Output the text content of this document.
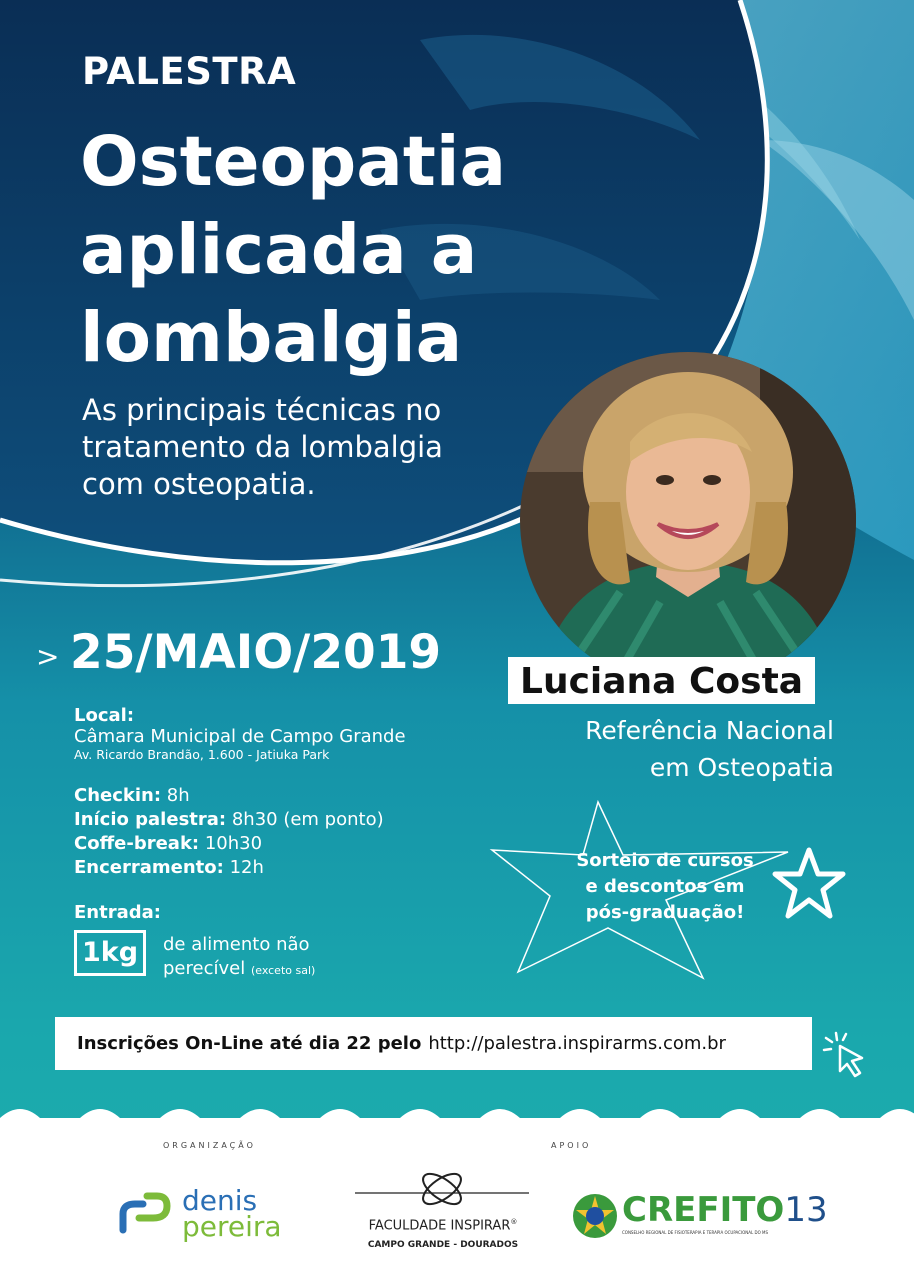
PALESTRA
Osteopatia
aplicada a
lombalgia
As principais técnicas no
tratamento da lombalgia
com osteopatia.
Luciana Costa
Referência Nacional
em Osteopatia
> 25/MAIO/2019
Local:
Câmara Municipal de Campo Grande
Av. Ricardo Brandão, 1.600 - Jatiuka Park
Checkin: 8h
Início palestra: 8h30 (em ponto)
Coffe-break: 10h30
Encerramento: 12h
Entrada:
1kg	de alimento não
perecível (exceto sal)
Sorteio de cursos
e descontos em
pós-graduação!
Inscrições On-Line até dia 22 pelo http://palestra.inspirarms.com.br
ORGANIZAÇÃO	APOIO
denis
pereira	FACULDADE INSPIRAR®
CAMPO GRANDE - DOURADOS
CREFITO13
CONSELHO REGIONAL DE FISIOTERAPIA E TERAPIA OCUPACIONAL DO MS
